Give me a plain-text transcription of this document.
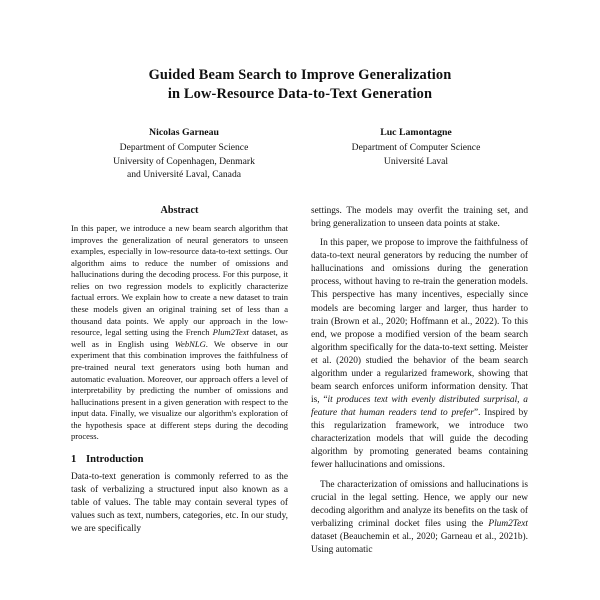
Guided Beam Search to Improve Generalization
in Low-Resource Data-to-Text Generation
Nicolas Garneau
Department of Computer Science
University of Copenhagen, Denmark
and Université Laval, Canada
Luc Lamontagne
Department of Computer Science
Université Laval
Abstract

In this paper, we introduce a new beam search algorithm that improves the generalization of neural generators to unseen examples, especially in low-resource data-to-text settings. Our algorithm aims to reduce the number of omissions and hallucinations during the decoding process. For this purpose, it relies on two regression models to explicitly characterize factual errors. We explain how to create a new dataset to train these models given an original training set of less than a thousand data points. We apply our approach in the low-resource, legal setting using the French Plum2Text dataset, as well as in English using WebNLG. We observe in our experiment that this combination improves the faithfulness of pre-trained neural text generators using both human and automatic evaluation. Moreover, our approach offers a level of interpretability by predicting the number of omissions and hallucinations present in a given generation with respect to the input data. Finally, we visualize our algorithm's exploration of the hypothesis space at different steps during the decoding process.

1 Introduction

Data-to-text generation is commonly referred to as the task of verbalizing a structured input also known as a table of values. The table may contain several types of values such as text, numbers, categories, etc. In our study, we are specifically

settings. The models may overfit the training set, and bring generalization to unseen data points at stake.

In this paper, we propose to improve the faithfulness of data-to-text neural generators by reducing the number of hallucinations and omissions during the generation process, without having to re-train the generation models. This perspective has many incentives, especially since models are becoming larger and larger, thus harder to train (Brown et al., 2020; Hoffmann et al., 2022). To this end, we propose a modified version of the beam search algorithm specifically for the data-to-text setting. Meister et al. (2020) studied the behavior of the beam search algorithm under a regularized framework, showing that beam search enforces uniform information density. That is, “it produces text with evenly distributed surprisal, a feature that human readers tend to prefer”. Inspired by this regularization framework, we introduce two characterization models that will guide the decoding algorithm by promoting generated beams containing fewer hallucinations and omissions.

The characterization of omissions and hallucinations is crucial in the legal setting. Hence, we apply our new decoding algorithm and analyze its benefits on the task of verbalizing criminal docket files using the Plum2Text dataset (Beauchemin et al., 2020; Garneau et al., 2021b). Using automatic
